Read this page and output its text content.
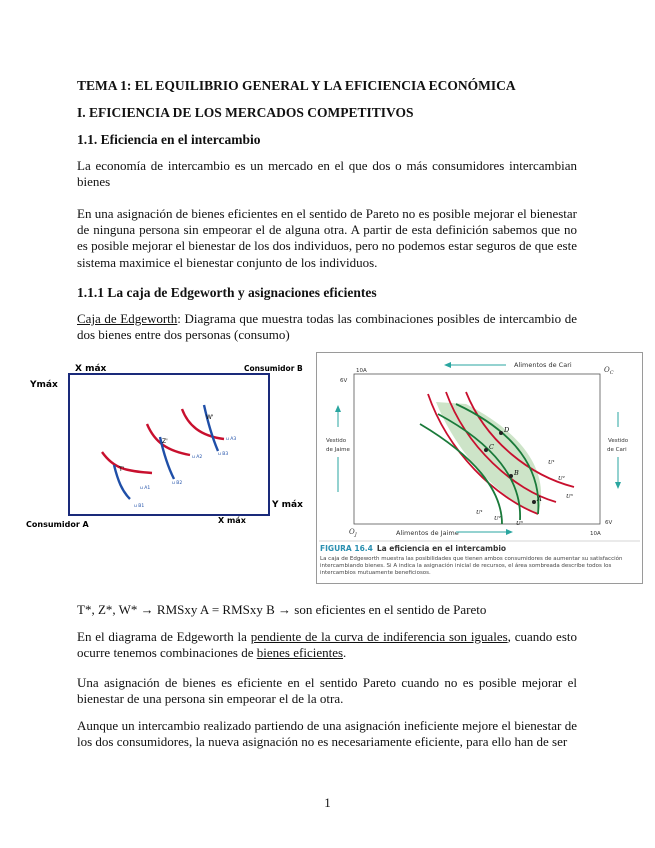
TEMA 1: EL EQUILIBRIO GENERAL Y LA EFICIENCIA ECONÓMICA
I. EFICIENCIA DE LOS MERCADOS COMPETITIVOS
1.1. Eficiencia en el intercambio
La economía de intercambio es un mercado en el que dos o más consumidores intercambian bienes
En una asignación de bienes eficientes en el sentido de Pareto no es posible mejorar el bienestar de ninguna persona sin empeorar el de alguna otra. A partir de esta definición sabemos que no es posible mejorar el bienestar de los dos individuos, pero no podemos estar seguros de que este sistema maximice el bienestar conjunto de los individuos.
1.1.1 La caja de Edgeworth y asignaciones eficientes
Caja de Edgeworth: Diagrama que muestra todas las combinaciones posibles de intercambio de dos bienes entre dos personas (consumo)
X máx
Ymáx
Consumidor B
Y máx
Consumidor A	X máx
T'
Z'
W'
u A1
u B1
u A2
u B2
u A3
u B3
Alimentos de Cari
$O_C$
$O_J$
10A
6V
10A
6V
Vestido
de Jaime
Vestido
de Cari
Alimentos de Jaime
D
C
B
A
U¹
U²
U³
U¹
U²
U³
FIGURA 16.4 La eficiencia en el intercambio
La caja de Edgeworth muestra las posibilidades que tienen ambos consumidores de aumentar su satisfacción intercambiando bienes. Si A indica la asignación inicial de recursos, el área sombreada describe todos los intercambios mutuamente beneficiosos.
T*, Z*, W* → RMSxy A = RMSxy B → son eficientes en el sentido de Pareto
En el diagrama de Edgeworth la pendiente de la curva de indiferencia son iguales, cuando esto ocurre tenemos combinaciones de bienes eficientes.
Una asignación de bienes es eficiente en el sentido Pareto cuando no es posible mejorar el bienestar de una persona sin empeorar el de la otra.
Aunque un intercambio realizado partiendo de una asignación ineficiente mejore el bienestar de los dos consumidores, la nueva asignación no es necesariamente eficiente, para ello han de ser
1
